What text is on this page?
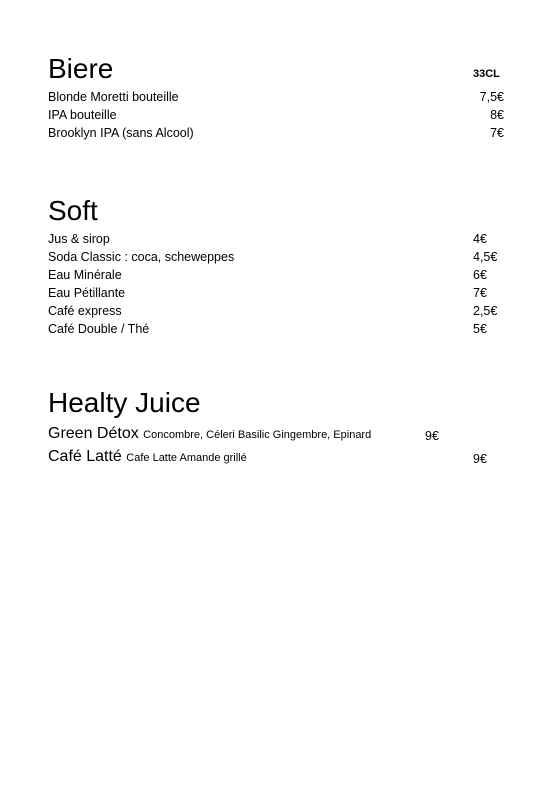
Biere	33CL
Blonde Moretti bouteille	7,5€
IPA bouteille	8€
Brooklyn IPA (sans Alcool)	7€
Soft
Jus & sirop	4€
Soda Classic : coca, scheweppes	4,5€
Eau Minérale	6€
Eau Pétillante	7€
Café express	2,5€
Café Double / Thé	5€
Healty Juice
Green Détox Concombre, Céleri Basilic Gingembre, Epinard	9€
Café Latté Cafe Latte Amande grillé	9€
